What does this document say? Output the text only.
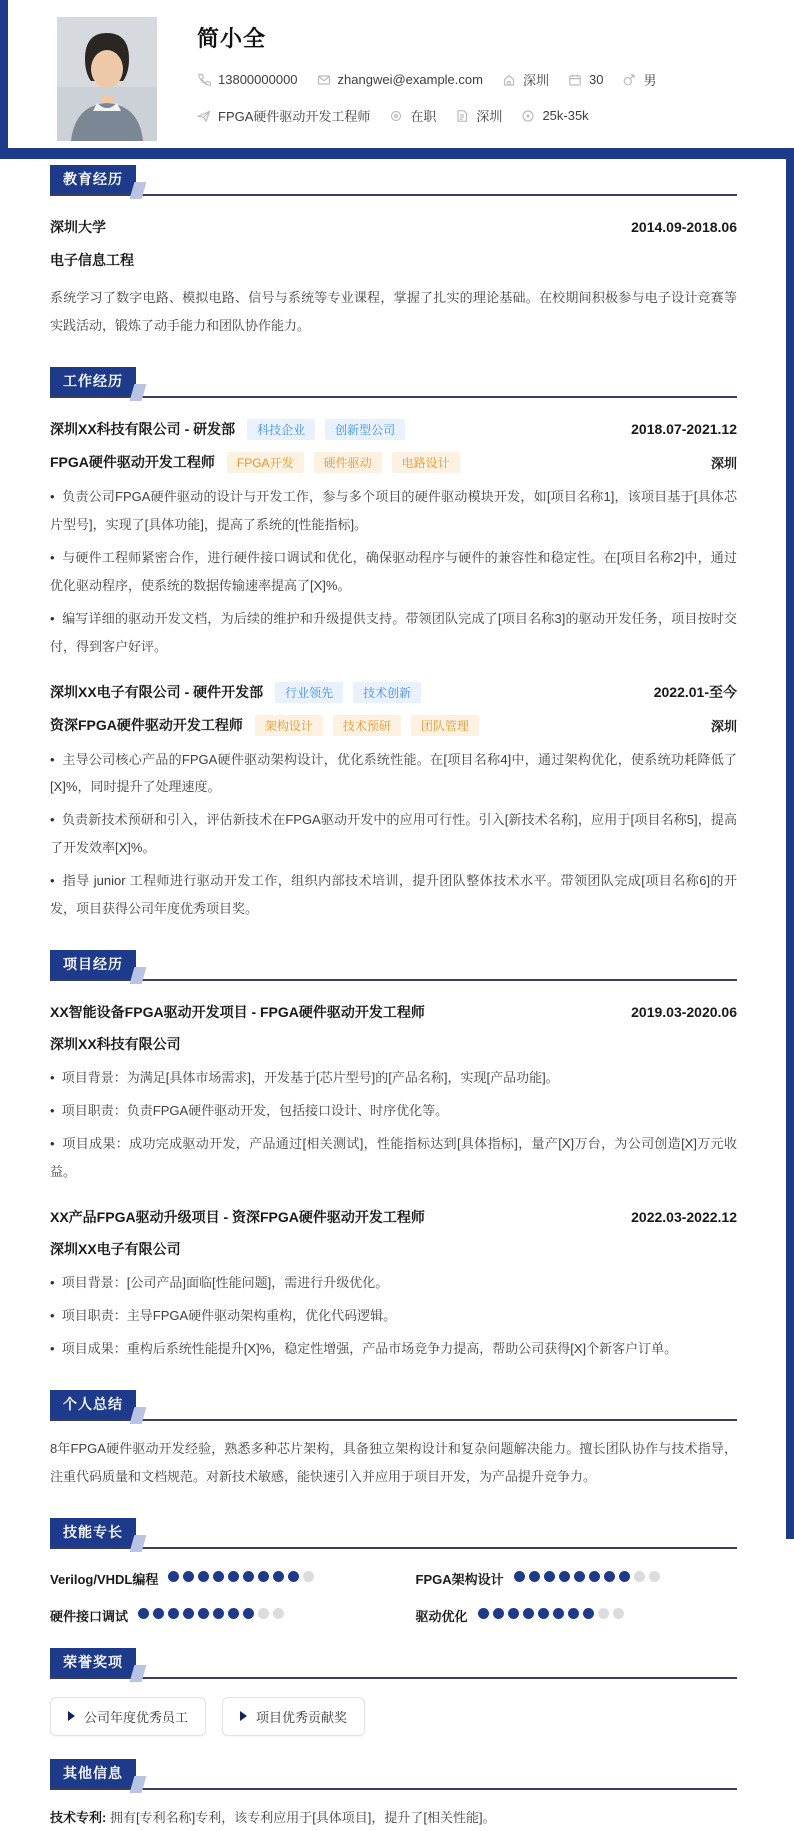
简小全
13800000000	zhangwei@example.com	深圳	30	男
FPGA硬件驱动开发工程师	在职	深圳	25k-35k
教育经历
深圳大学	2014.09-2018.06
电子信息工程

系统学习了数字电路、模拟电路、信号与系统等专业课程，掌握了扎实的理论基础。在校期间积极参与电子设计竞赛等实践活动，锻炼了动手能力和团队协作能力。

工作经历
深圳XX科技有限公司 - 研发部	科技企业	创新型公司	2018.07-2021.12
FPGA硬件驱动开发工程师	FPGA开发	硬件驱动	电路设计	深圳

•  负责公司FPGA硬件驱动的设计与开发工作，参与多个项目的硬件驱动模块开发，如[项目名称1]，该项目基于[具体芯片型号]，实现了[具体功能]，提高了系统的[性能指标]。

•  与硬件工程师紧密合作，进行硬件接口调试和优化，确保驱动程序与硬件的兼容性和稳定性。在[项目名称2]中，通过优化驱动程序，使系统的数据传输速率提高了[X]%。

•  编写详细的驱动开发文档，为后续的维护和升级提供支持。带领团队完成了[项目名称3]的驱动开发任务，项目按时交付，得到客户好评。

深圳XX电子有限公司 - 硬件开发部	行业领先	技术创新	2022.01-至今
资深FPGA硬件驱动开发工程师	架构设计	技术预研	团队管理	深圳

•  主导公司核心产品的FPGA硬件驱动架构设计，优化系统性能。在[项目名称4]中，通过架构优化，使系统功耗降低了[X]%，同时提升了处理速度。

•  负责新技术预研和引入，评估新技术在FPGA驱动开发中的应用可行性。引入[新技术名称]，应用于[项目名称5]，提高了开发效率[X]%。

•  指导 junior 工程师进行驱动开发工作，组织内部技术培训，提升团队整体技术水平。带领团队完成[项目名称6]的开发，项目获得公司年度优秀项目奖。

项目经历
XX智能设备FPGA驱动开发项目 - FPGA硬件驱动开发工程师	2019.03-2020.06
深圳XX科技有限公司

•  项目背景：为满足[具体市场需求]，开发基于[芯片型号]的[产品名称]，实现[产品功能]。

•  项目职责：负责FPGA硬件驱动开发，包括接口设计、时序优化等。

•  项目成果：成功完成驱动开发，产品通过[相关测试]，性能指标达到[具体指标]，量产[X]万台，为公司创造[X]万元收益。

XX产品FPGA驱动升级项目 - 资深FPGA硬件驱动开发工程师	2022.03-2022.12
深圳XX电子有限公司

•  项目背景：[公司产品]面临[性能问题]，需进行升级优化。

•  项目职责：主导FPGA硬件驱动架构重构，优化代码逻辑。

•  项目成果：重构后系统性能提升[X]%，稳定性增强，产品市场竞争力提高，帮助公司获得[X]个新客户订单。

个人总结

8年FPGA硬件驱动开发经验，熟悉多种芯片架构，具备独立架构设计和复杂问题解决能力。擅长团队协作与技术指导，注重代码质量和文档规范。对新技术敏感，能快速引入并应用于项目开发，为产品提升竞争力。

技能专长
Verilog/VHDL编程	FPGA架构设计
硬件接口调试	驱动优化
荣誉奖项
公司年度优秀员工	项目优秀贡献奖
其他信息

技术专利: 拥有[专利名称]专利，该专利应用于[具体项目]，提升了[相关性能]。
